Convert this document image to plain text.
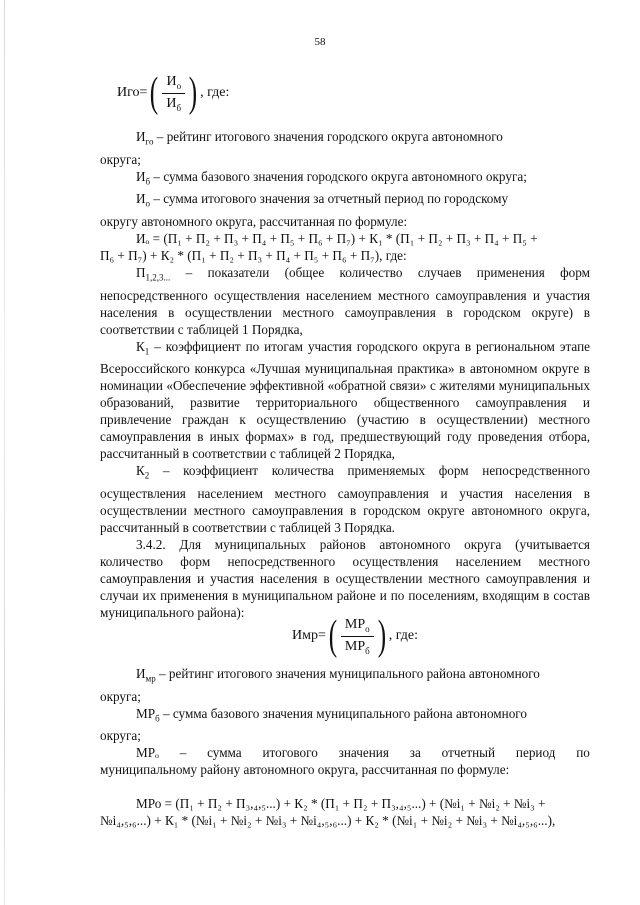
58
Иго= ( $\frac{И_о}{И_б}$ ) , где:

$И_{го}$ – рейтинг итогового значения городского округа автономного

округа;

$И_б$ – сумма базового значения городского округа автономного округа;

$И_о$ – сумма итогового значения за отчетный период по городскому

округу автономного округа, рассчитанная по формуле:

Иₒ = (П₁ + П₂ + П₃ + П₄ + П₅ + П₆ + П₇) + К₁ * (П₁ + П₂ + П₃ + П₄ + П₅ +

П₆ + П₇) + К₂ * (П₁ + П₂ + П₃ + П₄ + П₅ + П₆ + П₇), где:

$П_{1,2,3...}$ – показатели (общее количество случаев применения форм непосредственного осуществления населением местного самоуправления и участия населения в осуществлении местного самоуправления в городском округе) в соответствии с таблицей 1 Порядка,

$К_1$ – коэффициент по итогам участия городского округа в региональном этапе Всероссийского конкурса «Лучшая муниципальная практика» в автономном округе в номинации «Обеспечение эффективной «обратной связи» с жителями муниципальных образований, развитие территориального общественного самоуправления и привлечение граждан к осуществлению (участию в осуществлении) местного самоуправления в иных формах» в год, предшествующий году проведения отбора, рассчитанный в соответствии с таблицей 2 Порядка,

$К_2$ – коэффициент количества применяемых форм непосредственного осуществления населением местного самоуправления и участия населения в осуществлении местного самоуправления в городском округе автономного округа, рассчитанный в соответствии с таблицей 3 Порядка.

3.4.2. Для муниципальных районов автономного округа (учитывается количество форм непосредственного осуществления населением местного самоуправления и участия населения в осуществлении местного самоуправления и случаи их применения в муниципальном районе и по поселениям, входящим в состав муниципального района):

Имр= ( $\frac{МР_о}{МР_б}$ ) , где:

$И_{мр}$ – рейтинг итогового значения муниципального района автономного

округа;

$МР_б$ – сумма базового значения муниципального района автономного

округа;

МРₒ – сумма итогового значения за отчетный период по

муниципальному району автономного округа, рассчитанная по формуле:

МРо = (П₁ + П₂ + П₃,₄,₅...) + К₂ * (П₁ + П₂ + П₃,₄,₅...) + (№i₁ + №i₂ + №i₃ +

№i₄,₅,₆...) + К₁ * (№i₁ + №i₂ + №i₃ + №i₄,₅,₆...) + К₂ * (№i₁ + №i₂ + №i₃ + №i₄,₅,₆...),
